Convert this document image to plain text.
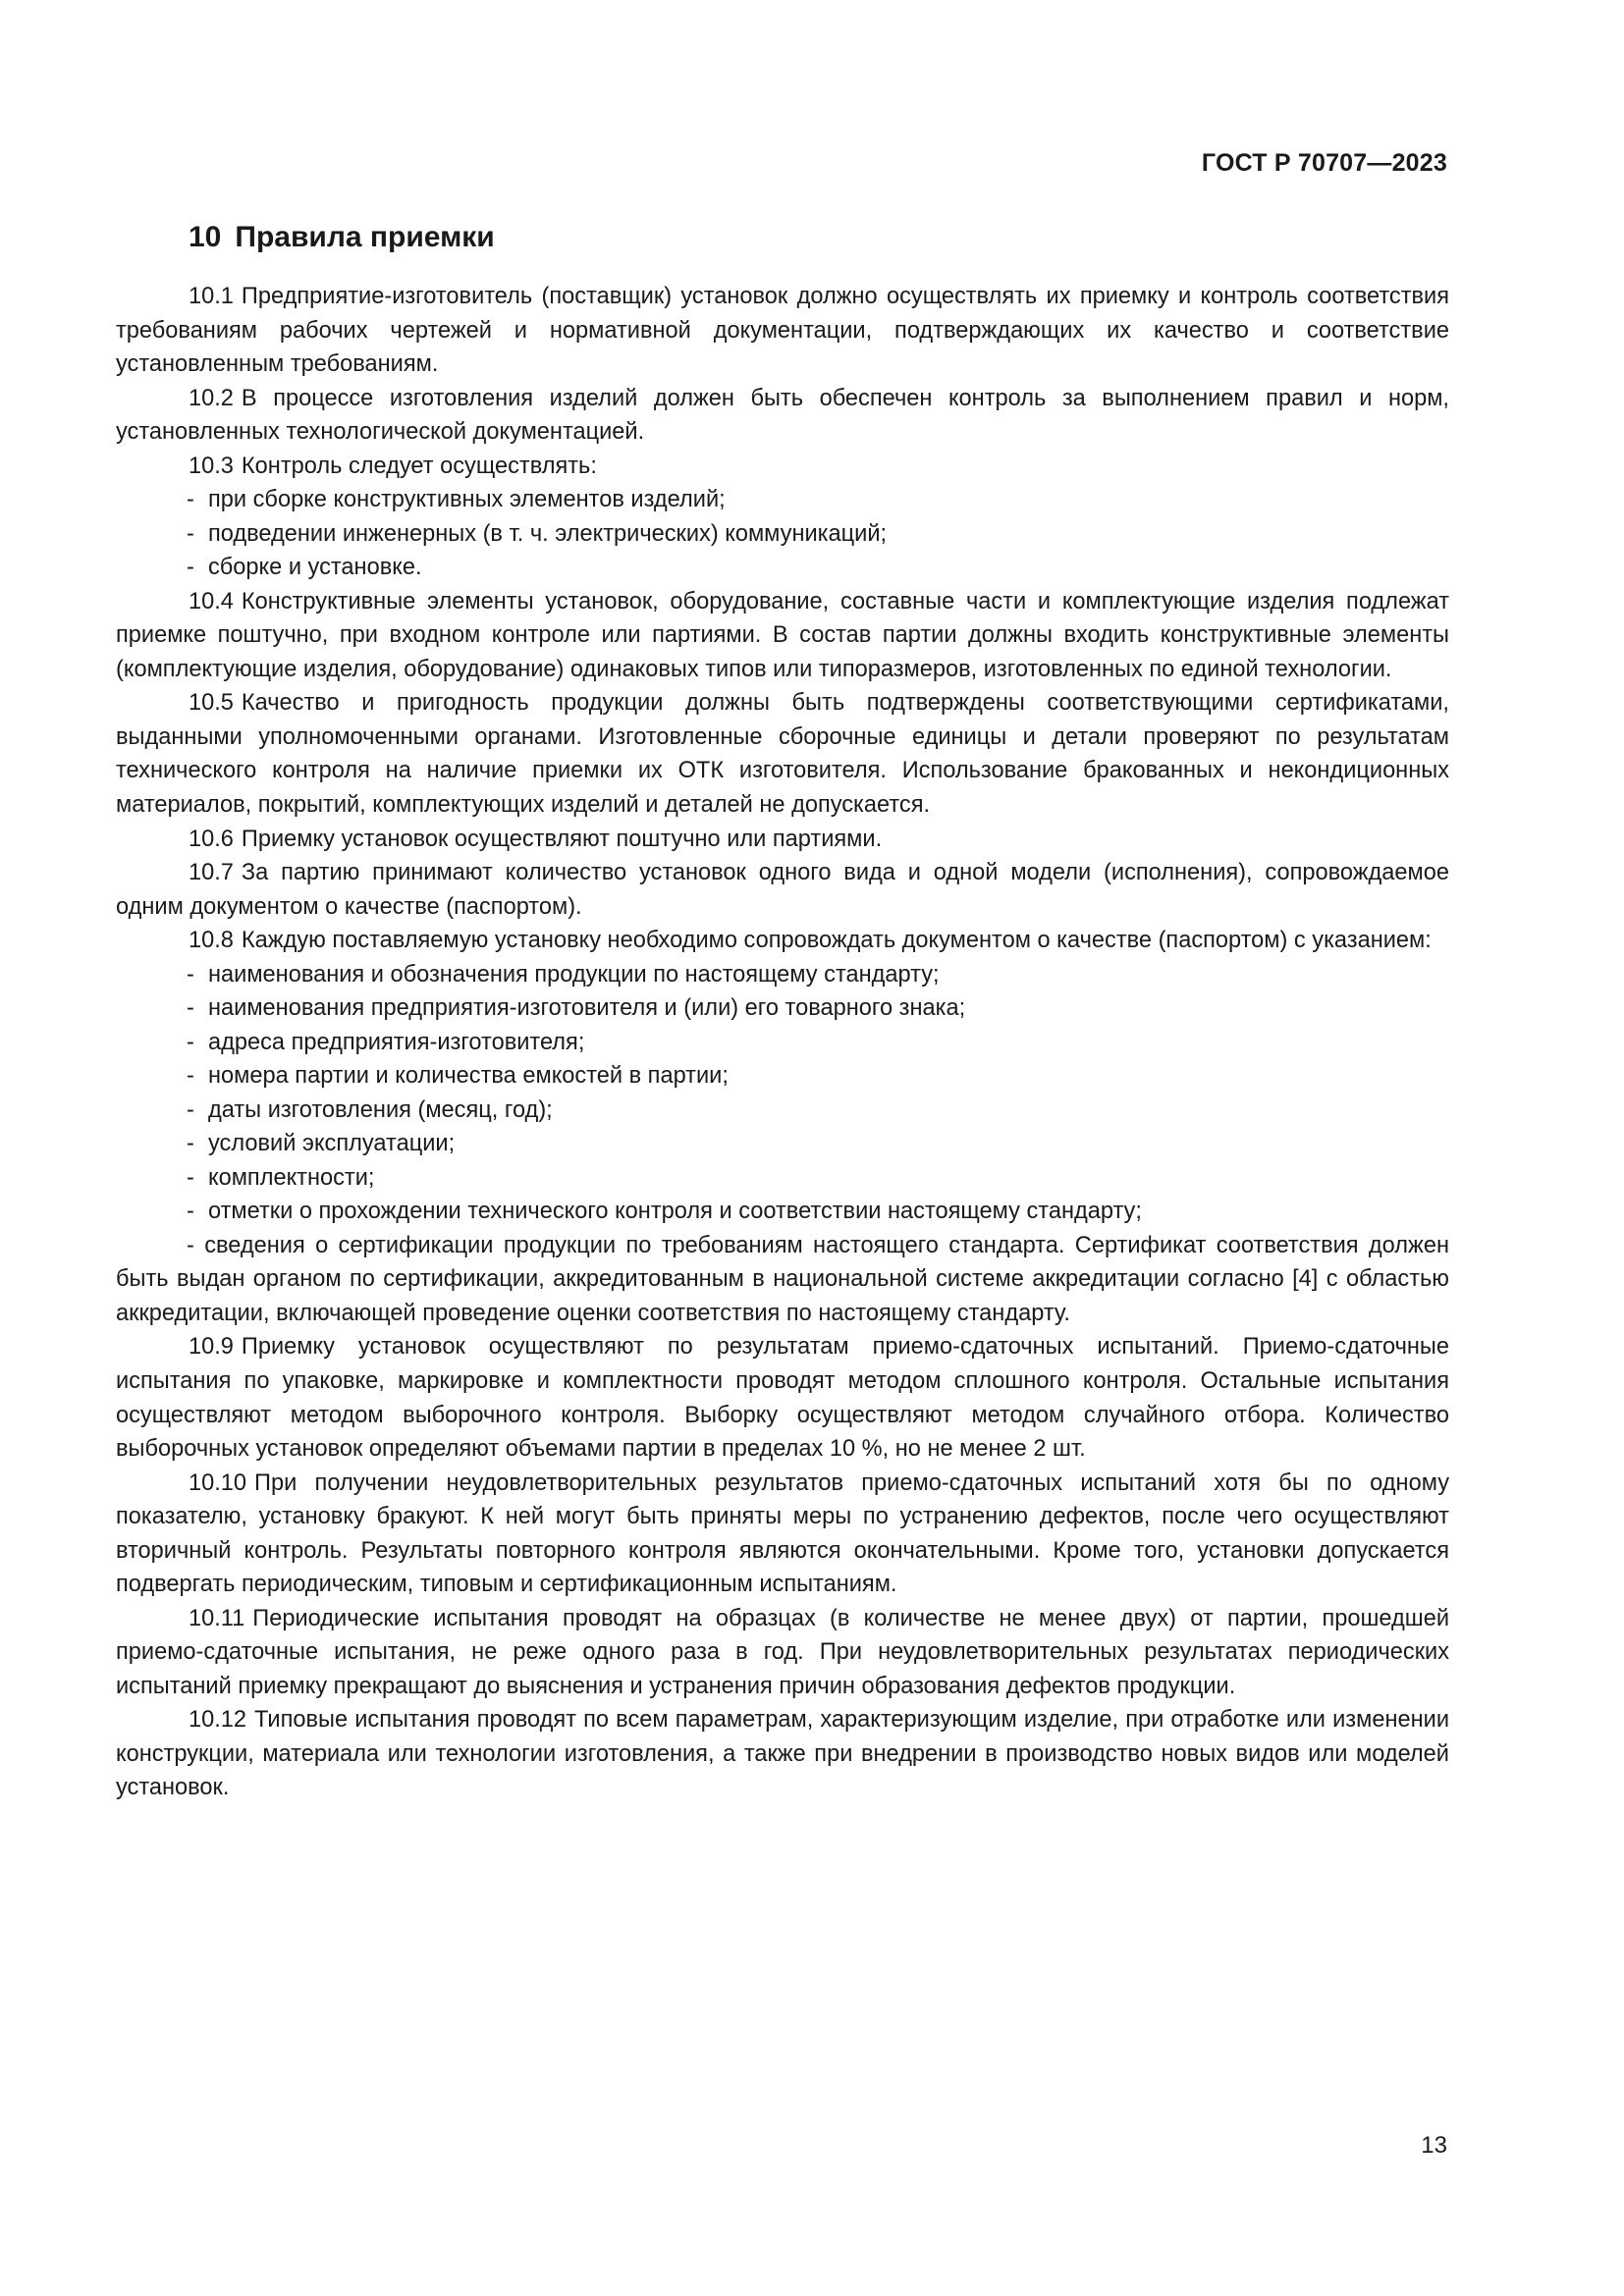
ГОСТ Р 70707—2023
10 Правила приемки

10.1 Предприятие-изготовитель (поставщик) установок должно осуществлять их приемку и контроль соответствия требованиям рабочих чертежей и нормативной документации, подтверждающих их качество и соответствие установленным требованиям.

10.2 В процессе изготовления изделий должен быть обеспечен контроль за выполнением правил и норм, установленных технологической документацией.

10.3 Контроль следует осуществлять:

- при сборке конструктивных элементов изделий;

- подведении инженерных (в т. ч. электрических) коммуникаций;

- сборке и установке.

10.4 Конструктивные элементы установок, оборудование, составные части и комплектующие изделия подлежат приемке поштучно, при входном контроле или партиями. В состав партии должны входить конструктивные элементы (комплектующие изделия, оборудование) одинаковых типов или типоразмеров, изготовленных по единой технологии.

10.5 Качество и пригодность продукции должны быть подтверждены соответствующими сертификатами, выданными уполномоченными органами. Изготовленные сборочные единицы и детали проверяют по результатам технического контроля на наличие приемки их ОТК изготовителя. Использование бракованных и некондиционных материалов, покрытий, комплектующих изделий и деталей не допускается.

10.6 Приемку установок осуществляют поштучно или партиями.

10.7 За партию принимают количество установок одного вида и одной модели (исполнения), сопровождаемое одним документом о качестве (паспортом).

10.8 Каждую поставляемую установку необходимо сопровождать документом о качестве (паспортом) с указанием:

- наименования и обозначения продукции по настоящему стандарту;

- наименования предприятия-изготовителя и (или) его товарного знака;

- адреса предприятия-изготовителя;

- номера партии и количества емкостей в партии;

- даты изготовления (месяц, год);

- условий эксплуатации;

- комплектности;

- отметки о прохождении технического контроля и соответствии настоящему стандарту;

- сведения о сертификации продукции по требованиям настоящего стандарта. Сертификат соответствия должен быть выдан органом по сертификации, аккредитованным в национальной системе аккредитации согласно [4] с областью аккредитации, включающей проведение оценки соответствия по настоящему стандарту.

10.9 Приемку установок осуществляют по результатам приемо-сдаточных испытаний. Приемо-сдаточные испытания по упаковке, маркировке и комплектности проводят методом сплошного контроля. Остальные испытания осуществляют методом выборочного контроля. Выборку осуществляют методом случайного отбора. Количество выборочных установок определяют объемами партии в пределах 10 %, но не менее 2 шт.

10.10 При получении неудовлетворительных результатов приемо-сдаточных испытаний хотя бы по одному показателю, установку бракуют. К ней могут быть приняты меры по устранению дефектов, после чего осуществляют вторичный контроль. Результаты повторного контроля являются окончательными. Кроме того, установки допускается подвергать периодическим, типовым и сертификационным испытаниям.

10.11 Периодические испытания проводят на образцах (в количестве не менее двух) от партии, прошедшей приемо-сдаточные испытания, не реже одного раза в год. При неудовлетворительных результатах периодических испытаний приемку прекращают до выяснения и устранения причин образования дефектов продукции.

10.12 Типовые испытания проводят по всем параметрам, характеризующим изделие, при отработке или изменении конструкции, материала или технологии изготовления, а также при внедрении в производство новых видов или моделей установок.

13
